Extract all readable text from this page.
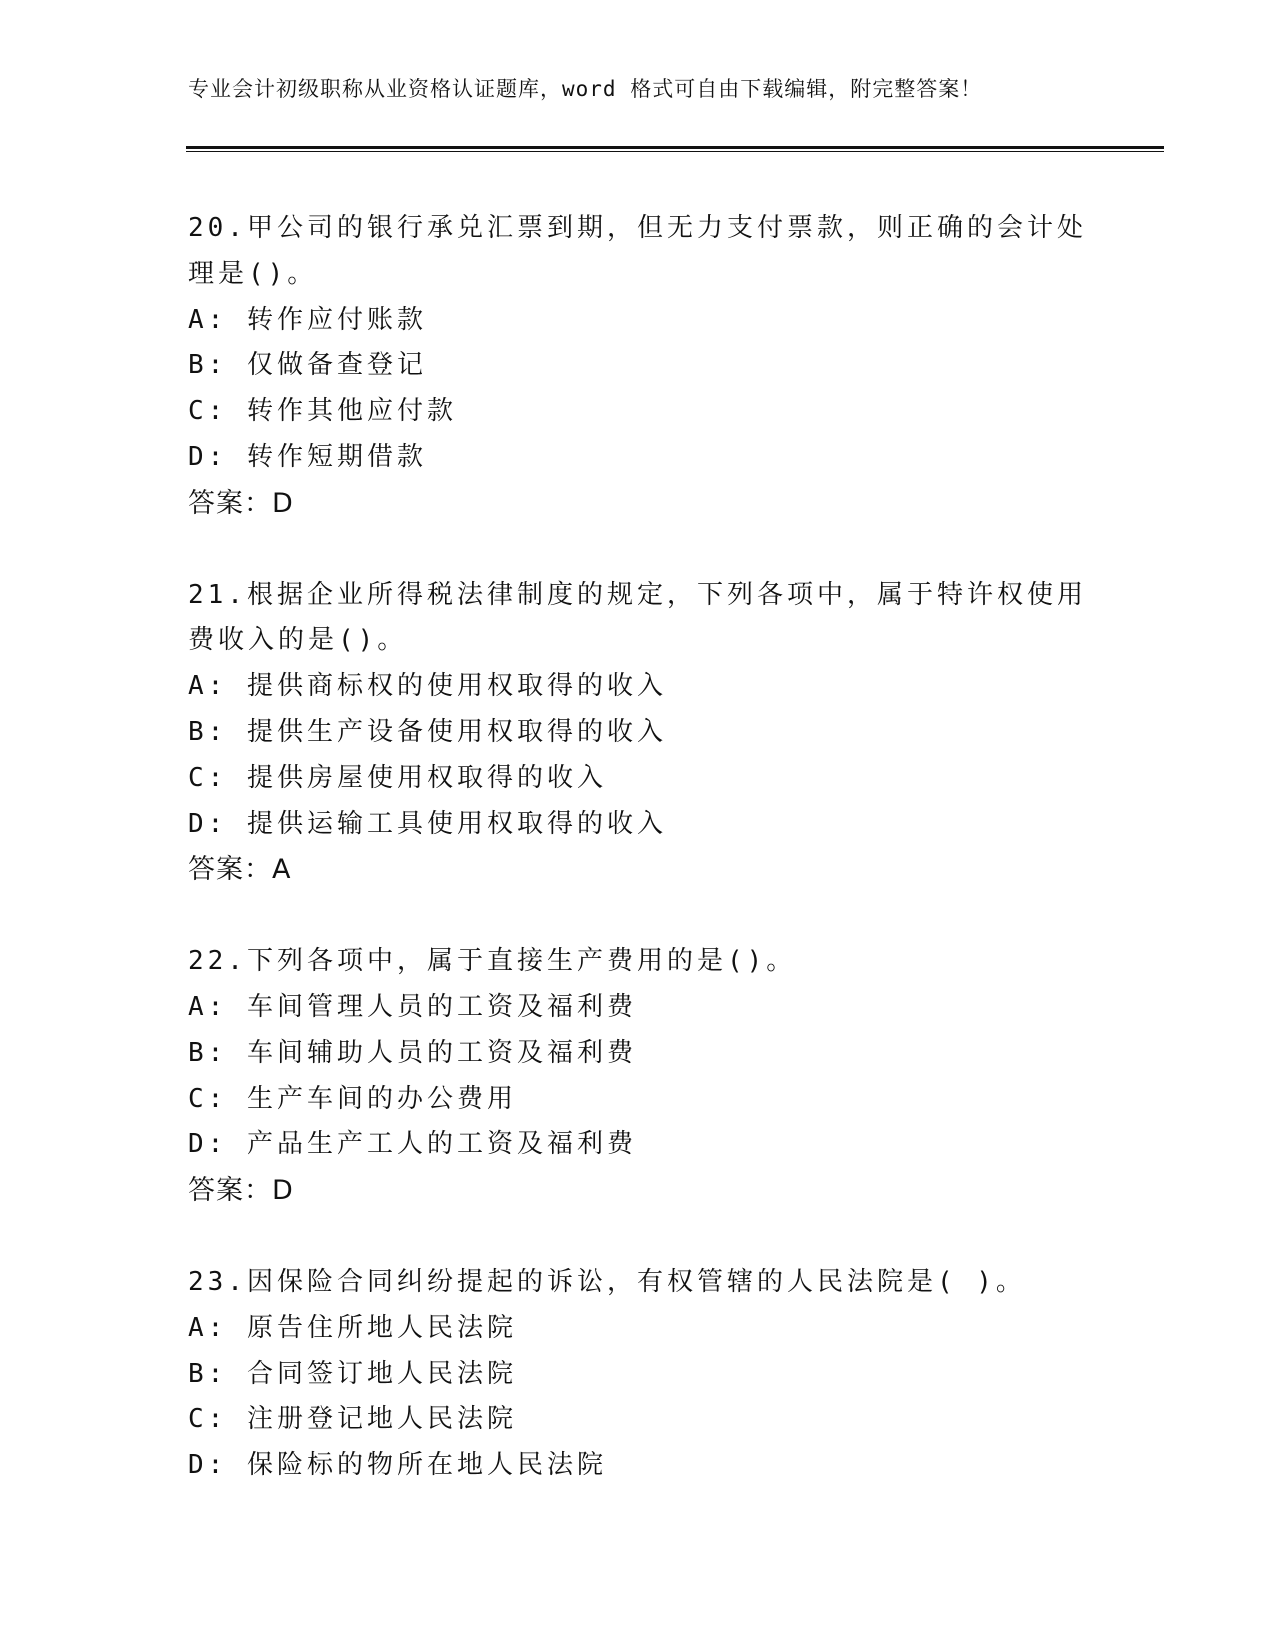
专业会计初级职称从业资格认证题库，word 格式可自由下载编辑，附完整答案！
20.甲公司的银行承兑汇票到期，但无力支付票款，则正确的会计处理是()。
A: 转作应付账款
B: 仅做备查登记
C: 转作其他应付款
D: 转作短期借款
答案：D
21.根据企业所得税法律制度的规定，下列各项中，属于特许权使用费收入的是()。
A: 提供商标权的使用权取得的收入
B: 提供生产设备使用权取得的收入
C: 提供房屋使用权取得的收入
D: 提供运输工具使用权取得的收入
答案：A
22.下列各项中，属于直接生产费用的是()。
A: 车间管理人员的工资及福利费
B: 车间辅助人员的工资及福利费
C: 生产车间的办公费用
D: 产品生产工人的工资及福利费
答案：D
23.因保险合同纠纷提起的诉讼，有权管辖的人民法院是( )。
A: 原告住所地人民法院
B: 合同签订地人民法院
C: 注册登记地人民法院
D: 保险标的物所在地人民法院
